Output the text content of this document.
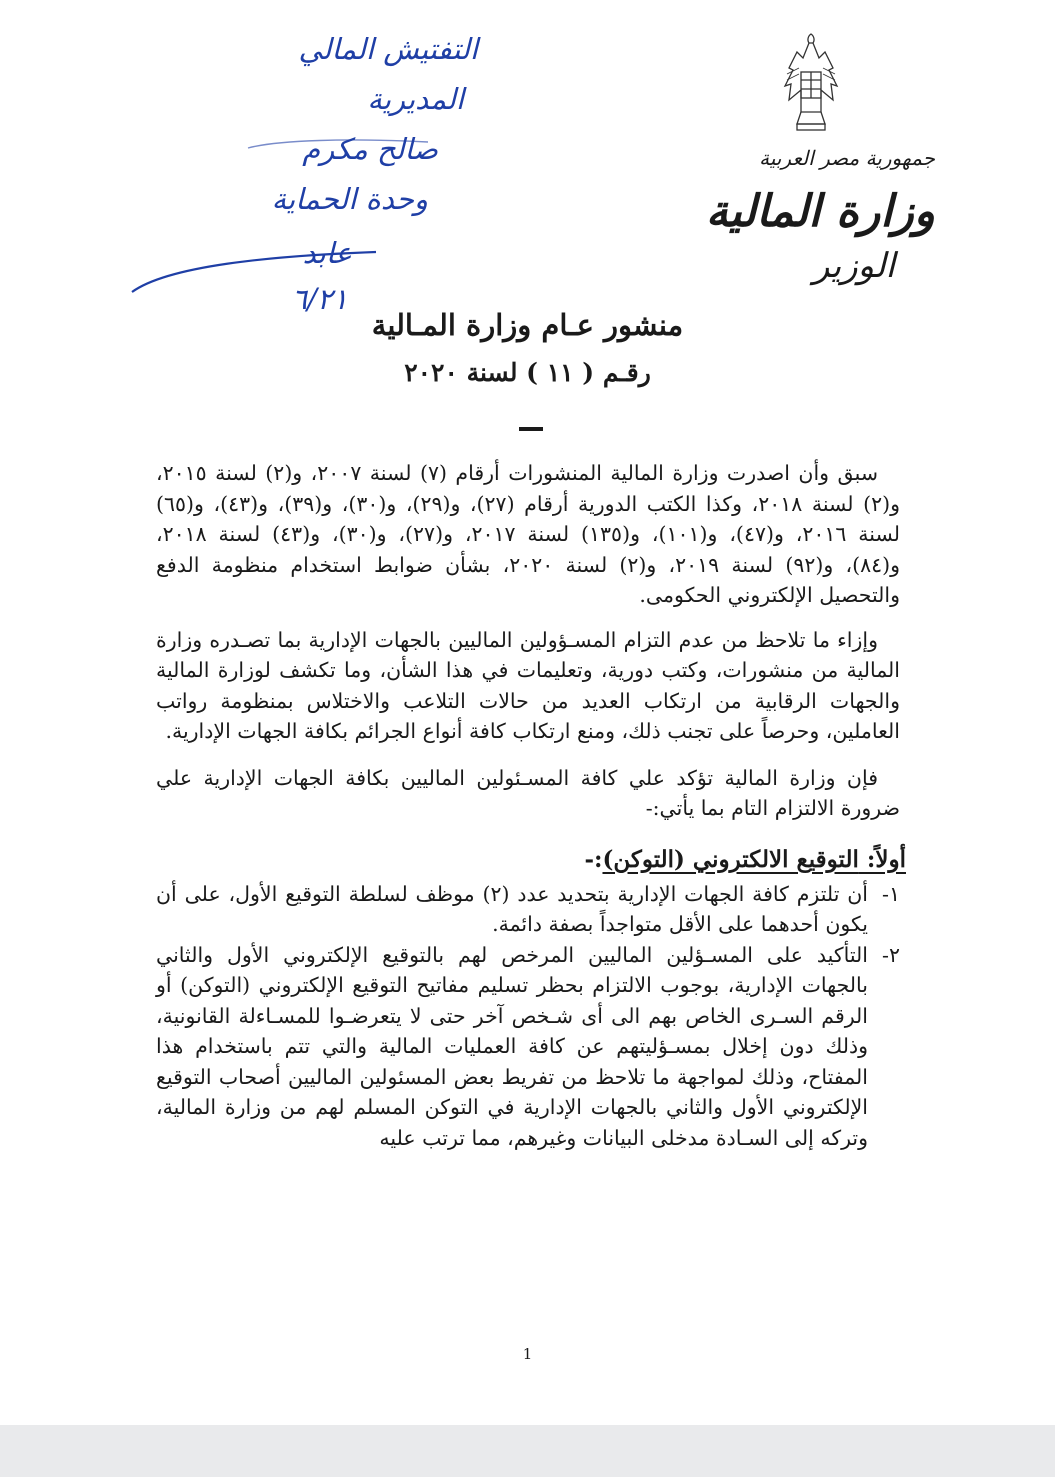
جمهورية مصر العربية
وزارة المالية
الوزير
التفتيش المالي
المديرية
صالح مكرم
وحدة الحماية
عابد
٦/٢١
منشور عـام وزارة المـالية
رقـم ( ١١ ) لسنة ٢٠٢٠

سبق وأن اصدرت وزارة المالية المنشورات أرقام (٧) لسنة ٢٠٠٧، و(٢) لسنة ٢٠١٥، و(٢) لسنة ٢٠١٨، وكذا الكتب الدورية أرقام (٢٧)، و(٢٩)، و(٣٠)، و(٣٩)، و(٤٣)، و(٦٥) لسنة ٢٠١٦، و(٤٧)، و(١٠١)، و(١٣٥) لسنة ٢٠١٧، و(٢٧)، و(٣٠)، و(٤٣) لسنة ٢٠١٨، و(٨٤)، و(٩٢) لسنة ٢٠١٩، و(٢) لسنة ٢٠٢٠، بشأن ضوابط استخدام منظومة الدفع والتحصيل الإلكتروني الحكومى.

وإزاء ما تلاحظ من عدم التزام المسـؤولين الماليين بالجهات الإدارية بما تصـدره وزارة المالية من منشورات، وكتب دورية، وتعليمات في هذا الشأن، وما تكشف لوزارة المالية والجهات الرقابية من ارتكاب العديد من حالات التلاعب والاختلاس بمنظومة رواتب العاملين، وحرصاً على تجنب ذلك، ومنع ارتكاب كافة أنواع الجرائم بكافة الجهات الإدارية.

فإن وزارة المالية تؤكد علي كافة المسـئولين الماليين بكافة الجهات الإدارية علي ضرورة الالتزام التام بما يأتي:-

أولاً: التوقيع الالكتروني (التوكن):-
١-

أن تلتزم كافة الجهات الإدارية بتحديد عدد (٢) موظف لسلطة التوقيع الأول، على أن يكون أحدهما على الأقل متواجداً بصفة دائمة.

٢-

التأكيد على المسـؤلين الماليين المرخص لهم بالتوقيع الإلكتروني الأول والثاني بالجهات الإدارية، بوجوب الالتزام بحظر تسليم مفاتيح التوقيع الإلكتروني (التوكن) أو الرقم السـرى الخاص بهم الى أى شـخص آخر حتى لا يتعرضـوا للمسـاءلة القانونية، وذلك دون إخلال بمسـؤليتهم عن كافة العمليات المالية والتي تتم باستخدام هذا المفتاح، وذلك لمواجهة ما تلاحظ من تفريط بعض المسئولين الماليين أصحاب التوقيع الإلكتروني الأول والثاني بالجهات الإدارية في التوكن المسلم لهم من وزارة المالية، وتركه إلى السـادة مدخلى البيانات وغيرهم، مما ترتب عليه

1
